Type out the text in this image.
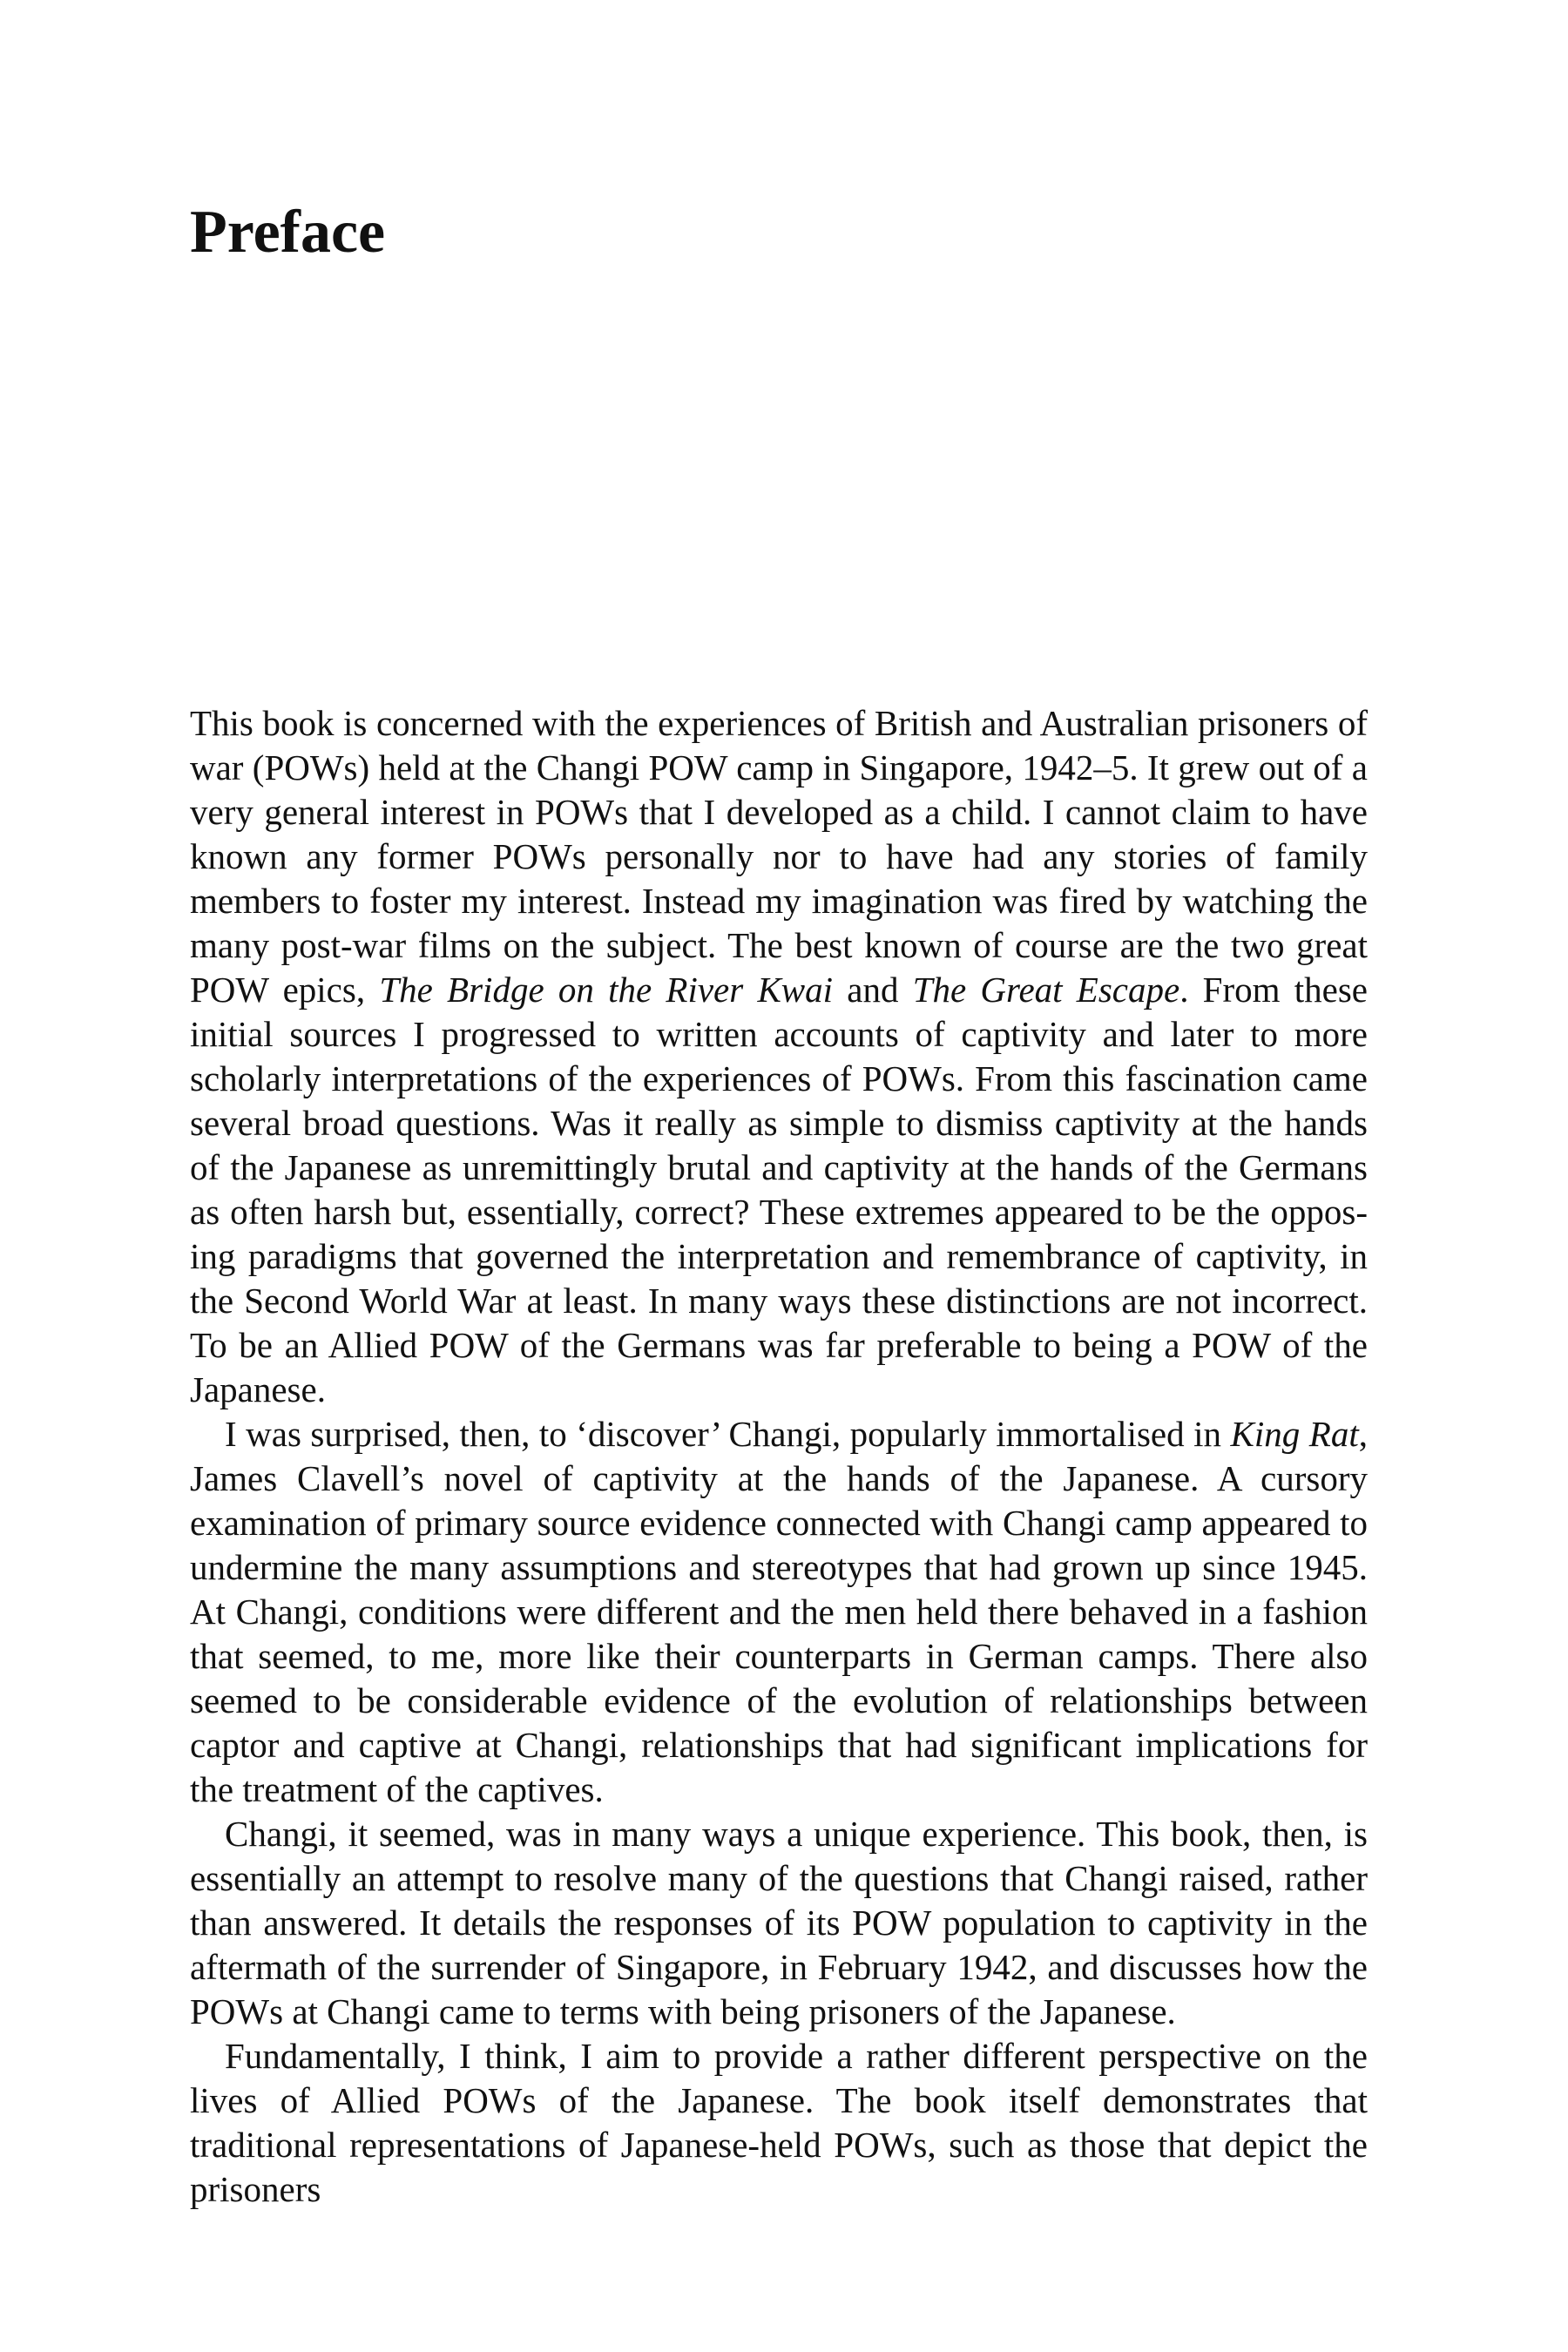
Preface

This book is concerned with the experiences of British and Australian prisoners of war (POWs) held at the Changi POW camp in Singapore, 1942–5. It grew out of a very general interest in POWs that I developed as a child. I cannot claim to have known any former POWs personally nor to have had any stories of family members to foster my interest. Instead my imagination was fired by watching the many post-war films on the subject. The best known of course are the two great POW epics, The Bridge on the River Kwai and The Great Escape. From these initial sources I progressed to written accounts of captivity and later to more scholarly interpretations of the experiences of POWs. From this fascination came several broad questions. Was it really as simple to dismiss captivity at the hands of the Japanese as unremittingly brutal and captivity at the hands of the Germans as often harsh but, essentially, correct? These extremes appeared to be the opposing paradigms that governed the interpretation and remembrance of captivity, in the Second World War at least. In many ways these distinctions are not incorrect. To be an Allied POW of the Germans was far preferable to being a POW of the Japanese.

I was surprised, then, to ‘discover’ Changi, popularly immortalised in King Rat, James Clavell’s novel of captivity at the hands of the Japanese. A cursory examination of primary source evidence connected with Changi camp appeared to undermine the many assumptions and stereotypes that had grown up since 1945. At Changi, conditions were different and the men held there behaved in a fashion that seemed, to me, more like their counterparts in German camps. There also seemed to be considerable evidence of the evolution of relationships between captor and captive at Changi, relationships that had significant implications for the treatment of the captives.

Changi, it seemed, was in many ways a unique experience. This book, then, is essentially an attempt to resolve many of the questions that Changi raised, rather than answered. It details the responses of its POW population to captivity in the aftermath of the surrender of Singapore, in February 1942, and discusses how the POWs at Changi came to terms with being prisoners of the Japanese.

Fundamentally, I think, I aim to provide a rather different perspective on the lives of Allied POWs of the Japanese. The book itself demonstrates that traditional representations of Japanese-held POWs, such as those that depict the prisoners
